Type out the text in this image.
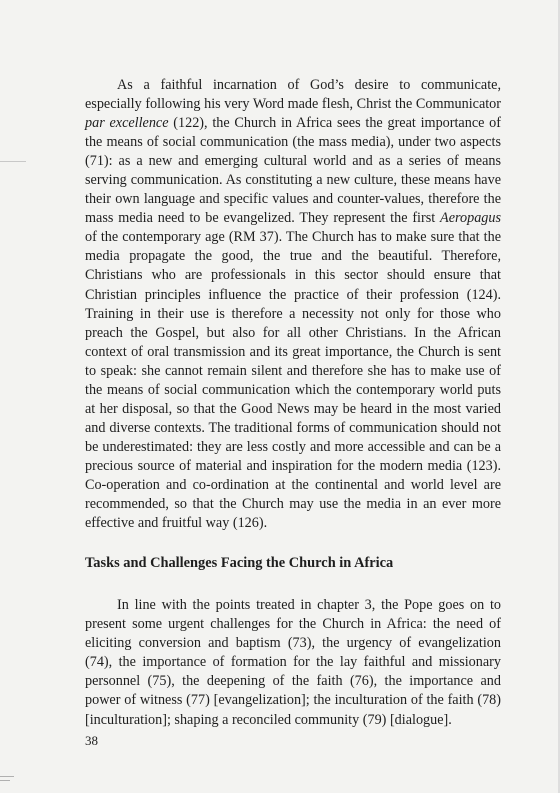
As a faithful incarnation of God’s desire to communicate, especially following his very Word made flesh, Christ the Communicator par excellence (122), the Church in Africa sees the great importance of the means of social communication (the mass media), under two aspects (71): as a new and emerging cultural world and as a series of means serving communication. As constituting a new culture, these means have their own language and specific values and counter-values, therefore the mass media need to be evangelized. They represent the first Aeropagus of the contemporary age (RM 37). The Church has to make sure that the media propagate the good, the true and the beautiful. Therefore, Christians who are professionals in this sector should ensure that Christian principles influence the practice of their profession (124). Training in their use is therefore a necessity not only for those who preach the Gospel, but also for all other Christians. In the African context of oral transmission and its great importance, the Church is sent to speak: she cannot remain silent and therefore she has to make use of the means of social communication which the contemporary world puts at her disposal, so that the Good News may be heard in the most varied and diverse contexts. The traditional forms of communication should not be underestimated: they are less costly and more accessible and can be a precious source of material and inspiration for the modern media (123). Co-operation and co-ordination at the continental and world level are recommended, so that the Church may use the media in an ever more effective and fruitful way (126).

Tasks and Challenges Facing the Church in Africa

In line with the points treated in chapter 3, the Pope goes on to present some urgent challenges for the Church in Africa: the need of eliciting conversion and baptism (73), the urgency of evangelization (74), the importance of formation for the lay faithful and missionary personnel (75), the deepening of the faith (76), the importance and power of witness (77) [evangelization]; the inculturation of the faith (78) [inculturation]; shaping a reconciled community (79) [dialogue].

38
